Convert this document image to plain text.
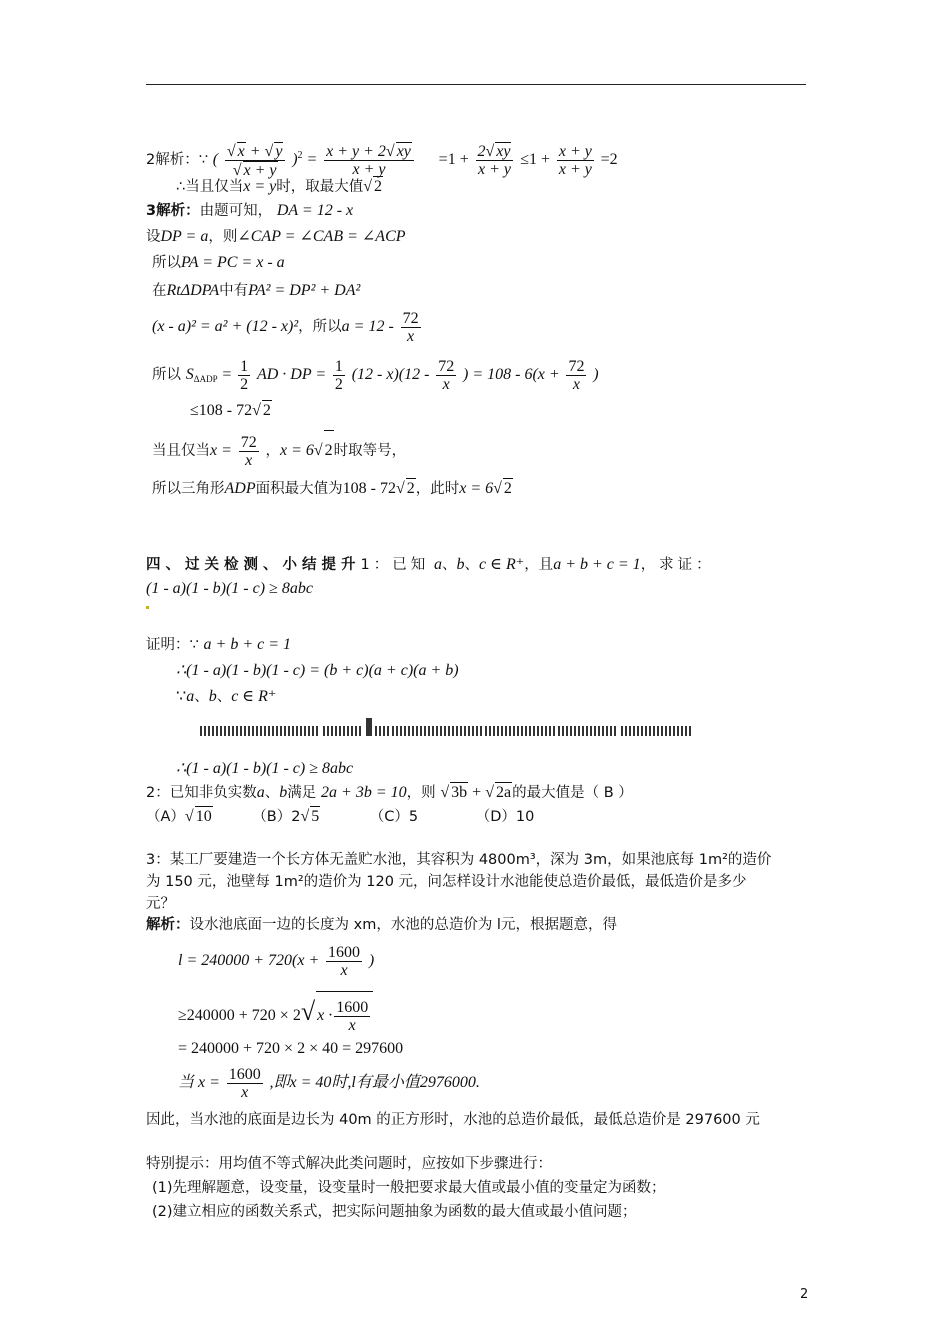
2解析：∵ ( $\frac{√ x + √ y}{√ x + y} )^2 = \frac{x + y + 2√ xy}{x + y} =1 + \frac{2√ xy}{x + y} \le 1 + \frac{x + y}{x + y} =2$
∴当且仅当x = y时，取最大值√ 2
3解析：由题可知， DA = 12 - x
设DP = a，则∠CAP = ∠CAB = ∠ACP
所以PA = PC = x - a
在RtΔDPA中有PA² = DP² + DA²
(x - a)² = a² + (12 - x)²，所以$a = 12 - \frac{72}{x}$
所以 $S_{\Delta ADP} = \frac{1}{2}$ AD · DP = $\frac{1}{2} (12 - x)(12 - \frac{72}{x}$ ) = $108 - 6(x + \frac{72}{x}$ )
≤108 - 72√ 2
当且仅当$x = \frac{72}{x}$ ，x = 6√ 2时取等号，
所以三角形ADP面积最大值为108 - 72√ 2，此时x = 6√ 2
四、过关检测、小结提升1：已知 a、b、c ∈ R⁺，且a + b + c = 1，求证：
(1 - a)(1 - b)(1 - c) ≥ 8abc
证明：∵ a + b + c = 1
∴(1 - a)(1 - b)(1 - c) = (b + c)(a + c)(a + b)
∵a、b、c ∈ R⁺
∴(1 - a)(1 - b)(1 - c) ≥ 8abc
2：已知非负实数a、b满足 2a + 3b = 10，则 √ 3b + √ 2a的最大值是（ B ）
（A）√ 10	（B）2√ 5	（C）5	（D）10
3：某工厂要建造一个长方体无盖贮水池，其容积为 4800m³，深为 3m，如果池底每 1m²的造价
为 150 元，池壁每 1m²的造价为 120 元，问怎样设计水池能使总造价最低，最低造价是多少
元？
解析：设水池底面一边的长度为 xm，水池的总造价为 l元，根据题意，得
$l = 240000 + 720(x + \frac{1600}{x}$ )
≥240000 + 720 × 2√ $x \cdot \frac{1600}{x}$
= 240000 + 720 × 2 × 40 = 297600
当 $x = \frac{1600}{x}$ ,即x = 40时,l有最小值2976000.
因此，当水池的底面是边长为 40m 的正方形时，水池的总造价最低，最低总造价是 297600 元
特别提示：用均值不等式解决此类问题时，应按如下步骤进行：
(1)先理解题意，设变量，设变量时一般把要求最大值或最小值的变量定为函数；
(2)建立相应的函数关系式，把实际问题抽象为函数的最大值或最小值问题；
2
